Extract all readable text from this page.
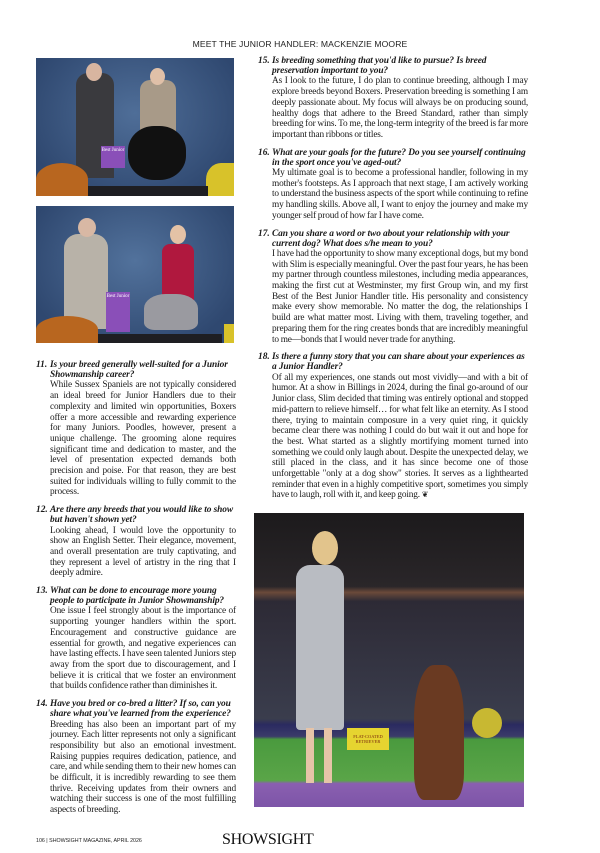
MEET THE JUNIOR HANDLER: MACKENZIE MOORE
Best Junior
Best Junior
11. Is your breed generally well-suited for a Junior Showmanship career?
While Sussex Spaniels are not typically considered an ideal breed for Junior Handlers due to their complexity and limited win opportunities, Boxers offer a more accessible and rewarding experience for many Juniors. Poodles, however, present a unique challenge. The grooming alone requires significant time and dedication to master, and the level of presentation expected demands both precision and poise. For that reason, they are best suited for individuals willing to fully commit to the process.
12. Are there any breeds that you would like to show but haven't shown yet?
Looking ahead, I would love the opportunity to show an English Setter. Their elegance, movement, and overall presentation are truly captivating, and they represent a level of artistry in the ring that I deeply admire.
13. What can be done to encourage more young people to participate in Junior Showmanship?
One issue I feel strongly about is the importance of supporting younger handlers within the sport. Encouragement and constructive guidance are essential for growth, and negative experiences can have lasting effects. I have seen talented Juniors step away from the sport due to discouragement, and I believe it is critical that we foster an environment that builds confidence rather than diminishes it.
14. Have you bred or co-bred a litter? If so, can you share what you've learned from the experience?
Breeding has also been an important part of my journey. Each litter represents not only a significant responsibility but also an emotional investment. Raising puppies requires dedication, patience, and care, and while sending them to their new homes can be difficult, it is incredibly rewarding to see them thrive. Receiving updates from their owners and watching their success is one of the most fulfilling aspects of breeding.
15. Is breeding something that you'd like to pursue? Is breed preservation important to you?
As I look to the future, I do plan to continue breeding, although I may explore breeds beyond Boxers. Preservation breeding is something I am deeply passionate about. My focus will always be on producing sound, healthy dogs that adhere to the Breed Standard, rather than simply breeding for wins. To me, the long-term integrity of the breed is far more important than ribbons or titles.
16. What are your goals for the future? Do you see yourself continuing in the sport once you've aged-out?
My ultimate goal is to become a professional handler, following in my mother's footsteps. As I approach that next stage, I am actively working to understand the business aspects of the sport while continuing to refine my handling skills. Above all, I want to enjoy the journey and make my younger self proud of how far I have come.
17. Can you share a word or two about your relationship with your current dog? What does s/he mean to you?
I have had the opportunity to show many exceptional dogs, but my bond with Slim is especially meaningful. Over the past four years, he has been my partner through countless milestones, including media appearances, making the first cut at Westminster, my first Group win, and my first Best of the Best Junior Handler title. His personality and consistency make every show memorable. No matter the dog, the relationships I build are what matter most. Living with them, traveling together, and preparing them for the ring creates bonds that are incredibly meaningful to me—bonds that I would never trade for anything.
18. Is there a funny story that you can share about your experiences as a Junior Handler?
Of all my experiences, one stands out most vividly—and with a bit of humor. At a show in Billings in 2024, during the final go-around of our Junior class, Slim decided that timing was entirely optional and stopped mid-pattern to relieve himself… for what felt like an eternity. As I stood there, trying to maintain composure in a very quiet ring, it quickly became clear there was nothing I could do but wait it out and hope for the best. What started as a slightly mortifying moment turned into something we could only laugh about. Despite the unexpected delay, we still placed in the class, and it has since become one of those unforgettable "only at a dog show" stories. It serves as a lighthearted reminder that even in a highly competitive sport, sometimes you simply have to laugh, roll with it, and keep going. ❦
FLAT-COATED RETRIEVER
106 | SHOWSIGHT MAGAZINE, APRIL 2026	SHOWSIGHT
